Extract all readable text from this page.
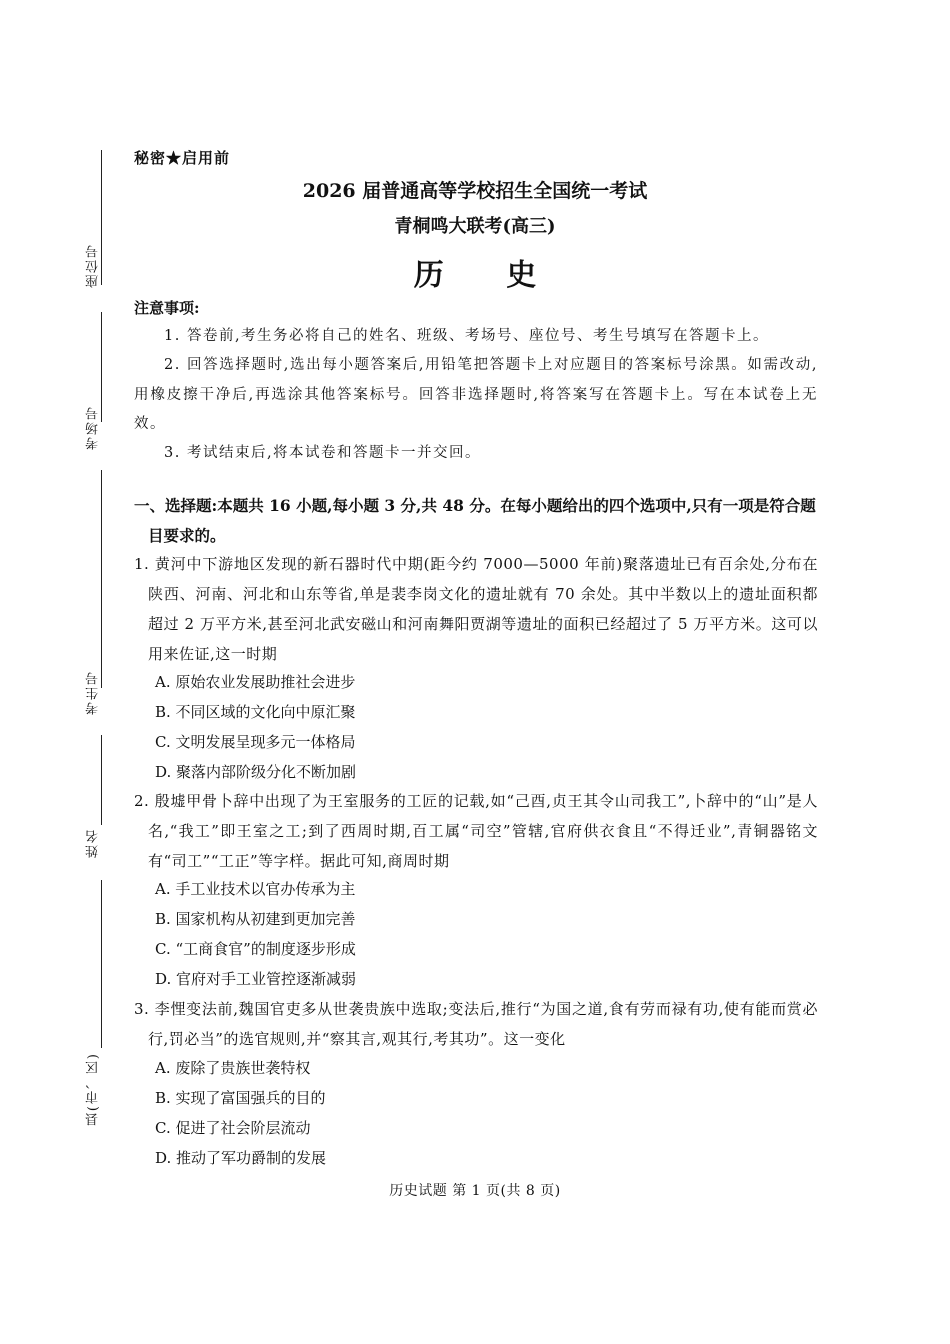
座位号
考场号
考生号
姓名
县(市、区)
秘密★启用前
2026 届普通高等学校招生全国统一考试
青桐鸣大联考(高三)
历 史
注意事项:
1. 答卷前,考生务必将自己的姓名、班级、考场号、座位号、考生号填写在答题卡上。
2. 回答选择题时,选出每小题答案后,用铅笔把答题卡上对应题目的答案标号涂黑。如需改动,用橡皮擦干净后,再选涂其他答案标号。回答非选择题时,将答案写在答题卡上。写在本试卷上无效。
3. 考试结束后,将本试卷和答题卡一并交回。
一、选择题:本题共 16 小题,每小题 3 分,共 48 分。在每小题给出的四个选项中,只有一项是符合题目要求的。
1. 黄河中下游地区发现的新石器时代中期(距今约 7000—5000 年前)聚落遗址已有百余处,分布在陕西、河南、河北和山东等省,单是裴李岗文化的遗址就有 70 余处。其中半数以上的遗址面积都超过 2 万平方米,甚至河北武安磁山和河南舞阳贾湖等遗址的面积已经超过了 5 万平方米。这可以用来佐证,这一时期
A. 原始农业发展助推社会进步
B. 不同区域的文化向中原汇聚
C. 文明发展呈现多元一体格局
D. 聚落内部阶级分化不断加剧
2. 殷墟甲骨卜辞中出现了为王室服务的工匠的记载,如“己酉,贞王其令山司我工”,卜辞中的“山”是人名,“我工”即王室之工;到了西周时期,百工属“司空”管辖,官府供衣食且“不得迁业”,青铜器铭文有“司工”“工正”等字样。据此可知,商周时期
A. 手工业技术以官办传承为主
B. 国家机构从初建到更加完善
C. “工商食官”的制度逐步形成
D. 官府对手工业管控逐渐减弱
3. 李悝变法前,魏国官吏多从世袭贵族中选取;变法后,推行“为国之道,食有劳而禄有功,使有能而赏必行,罚必当”的选官规则,并“察其言,观其行,考其功”。这一变化
A. 废除了贵族世袭特权
B. 实现了富国强兵的目的
C. 促进了社会阶层流动
D. 推动了军功爵制的发展
历史试题 第 1 页(共 8 页)
